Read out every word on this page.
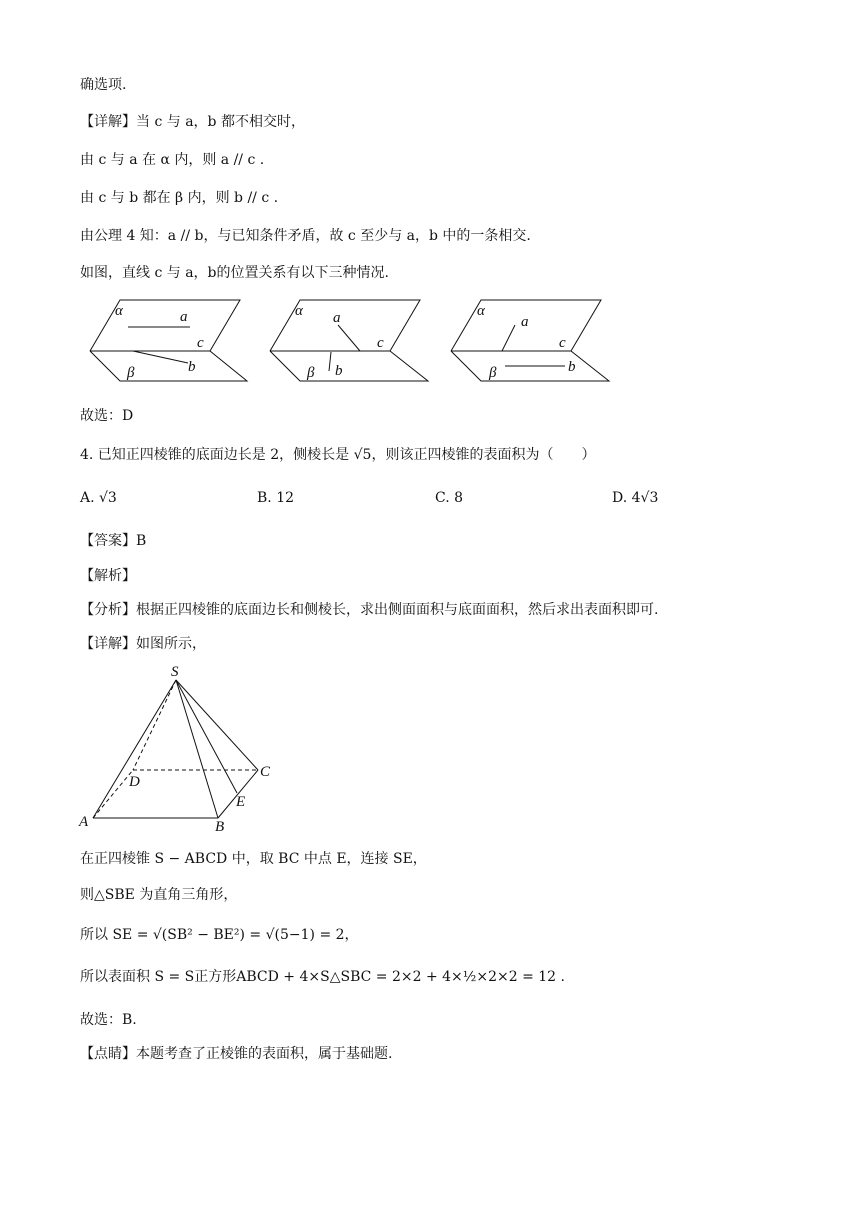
确选项.
【详解】当 c 与 a，b 都不相交时，
由 c 与 a 在 α 内，则 a // c .
由 c 与 b 都在 β 内，则 b // c .
由公理 4 知：a // b，与已知条件矛盾，故 c 至少与 a，b 中的一条相交.
如图，直线 c 与 a，b的位置关系有以下三种情况.
α	a
c
β	b
α a
c
β b
α
a
c
β	b
故选：D
4. 已知正四棱锥的底面边长是 2，侧棱长是 √5，则该正四棱锥的表面积为（　　）
A. √3	B. 12	C. 8	D. 4√3
【答案】B
【解析】
【分析】根据正四棱锥的底面边长和侧棱长，求出侧面面积与底面面积，然后求出表面积即可.
【详解】如图所示，
S
A	B
C
D
E
在正四棱锥 S − ABCD 中，取 BC 中点 E，连接 SE，
则△SBE 为直角三角形，
所以 SE = √(SB² − BE²) = √(5−1) = 2，
所以表面积 S = S正方形ABCD + 4×S△SBC = 2×2 + 4×½×2×2 = 12 .
故选：B.
【点睛】本题考查了正棱锥的表面积，属于基础题.
